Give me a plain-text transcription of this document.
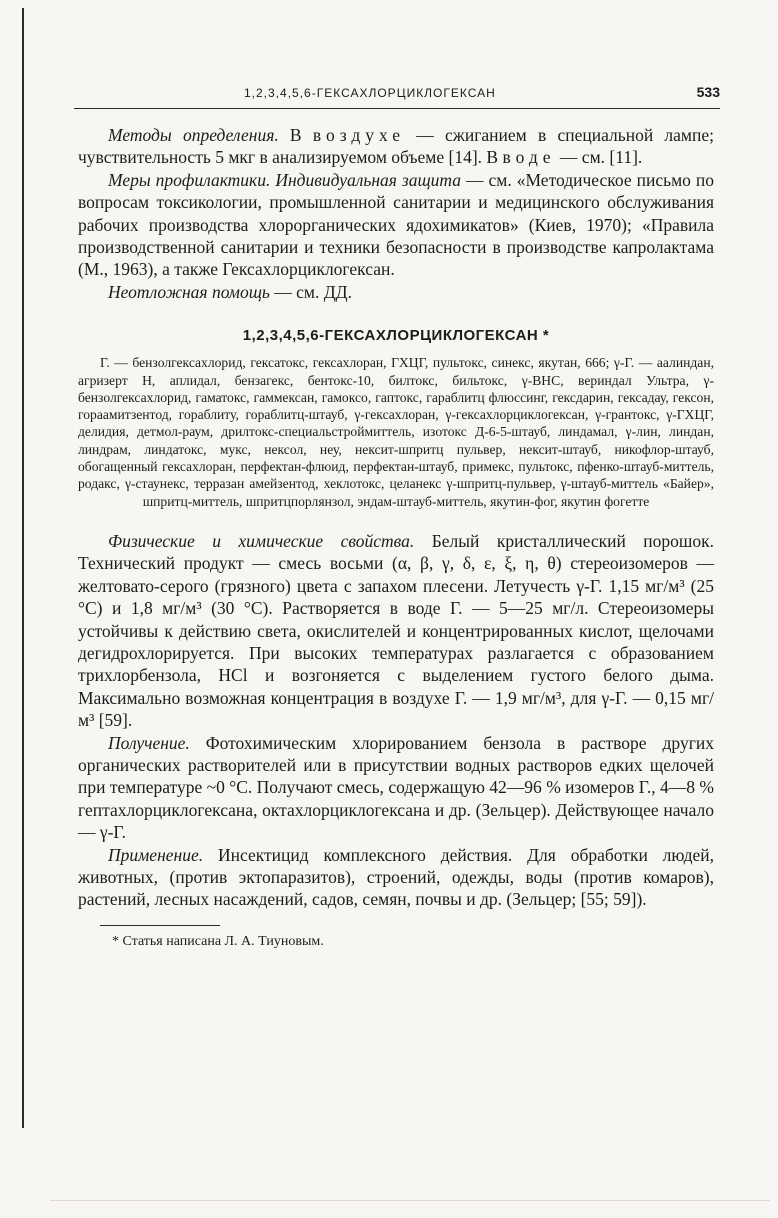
1,2,3,4,5,6-ГЕКСАХЛОРЦИКЛОГЕКСАН	533

Методы определения. В воздухе — сжиганием в специальной лампе; чувствительность 5 мкг в анализируемом объеме [14]. В воде — см. [11].

Меры профилактики. Индивидуальная защита — см. «Методическое письмо по вопросам токсикологии, промышленной санитарии и медицинского обслуживания рабочих производства хлорорганических ядохимикатов» (Киев, 1970); «Правила производственной санитарии и техники безопасности в производстве капролактама (М., 1963), а также Гексахлорциклогексан.

Неотложная помощь — см. ДД.

1,2,3,4,5,6-ГЕКСАХЛОРЦИКЛОГЕКСАН *

Г. — бензолгексахлорид, гексатокс, гексахлоран, ГХЦГ, пультокс, синекс, якутан, 666; γ-Г. — аалиндан, агризерт Н, аплидал, бензагекс, бентокс-10, билтокс, бильтокс, γ-ВНС, вериндал Ультра, γ-бензолгексахлорид, гаматокс, гаммексан, гамоксо, гаптокс, гараблитц флюссинг, гексдарин, гексадау, гексон, гораамитзентод, гораблиту, гораблитц-штауб, γ-гексахлоран, γ-гексахлорциклогексан, γ-грантокс, γ-ГХЦГ, делидия, детмол-раум, дрилтокс-специальстроймиттель, изотокс Д-6-5-штауб, линдамал, γ-лин, линдан, линдрам, линдатокс, мукс, нексол, неу, нексит-шпритц пульвер, нексит-штауб, никофлор-штауб, обогащенный гексахлоран, перфектан-флюид, перфектан-штауб, примекс, пультокс, пфенко-штауб-миттель, родакс, γ-стаунекс, терразан амейзентод, хеклотокс, целанекс γ-шпритц-пульвер, γ-штауб-миттель «Байер», шпритц-миттель, шпритцпорлянзол, эндам-штауб-миттель, якутин-фог, якутин фогетте

Физические и химические свойства. Белый кристаллический порошок. Технический продукт — смесь восьми (α, β, γ, δ, ε, ξ, η, θ) стереоизомеров — желтовато-серого (грязного) цвета с запахом плесени. Летучесть γ-Г. 1,15 мг/м³ (25 °С) и 1,8 мг/м³ (30 °С). Растворяется в воде Г. — 5—25 мг/л. Стереоизомеры устойчивы к действию света, окислителей и концентрированных кислот, щелочами дегидрохлорируется. При высоких температурах разлагается с образованием трихлорбензола, HCl и возгоняется с выделением густого белого дыма. Максимально возможная концентрация в воздухе Г. — 1,9 мг/м³, для γ-Г. — 0,15 мг/м³ [59].

Получение. Фотохимическим хлорированием бензола в растворе других органических растворителей или в присутствии водных растворов едких щелочей при температуре ~0 °С. Получают смесь, содержащую 42—96 % изомеров Г., 4—8 % гептахлорциклогексана, октахлорциклогексана и др. (Зельцер). Действующее начало — γ-Г.

Применение. Инсектицид комплексного действия. Для обработки людей, животных, (против эктопаразитов), строений, одежды, воды (против комаров), растений, лесных насаждений, садов, семян, почвы и др. (Зельцер; [55; 59]).

* Статья написана Л. А. Тиуновым.
